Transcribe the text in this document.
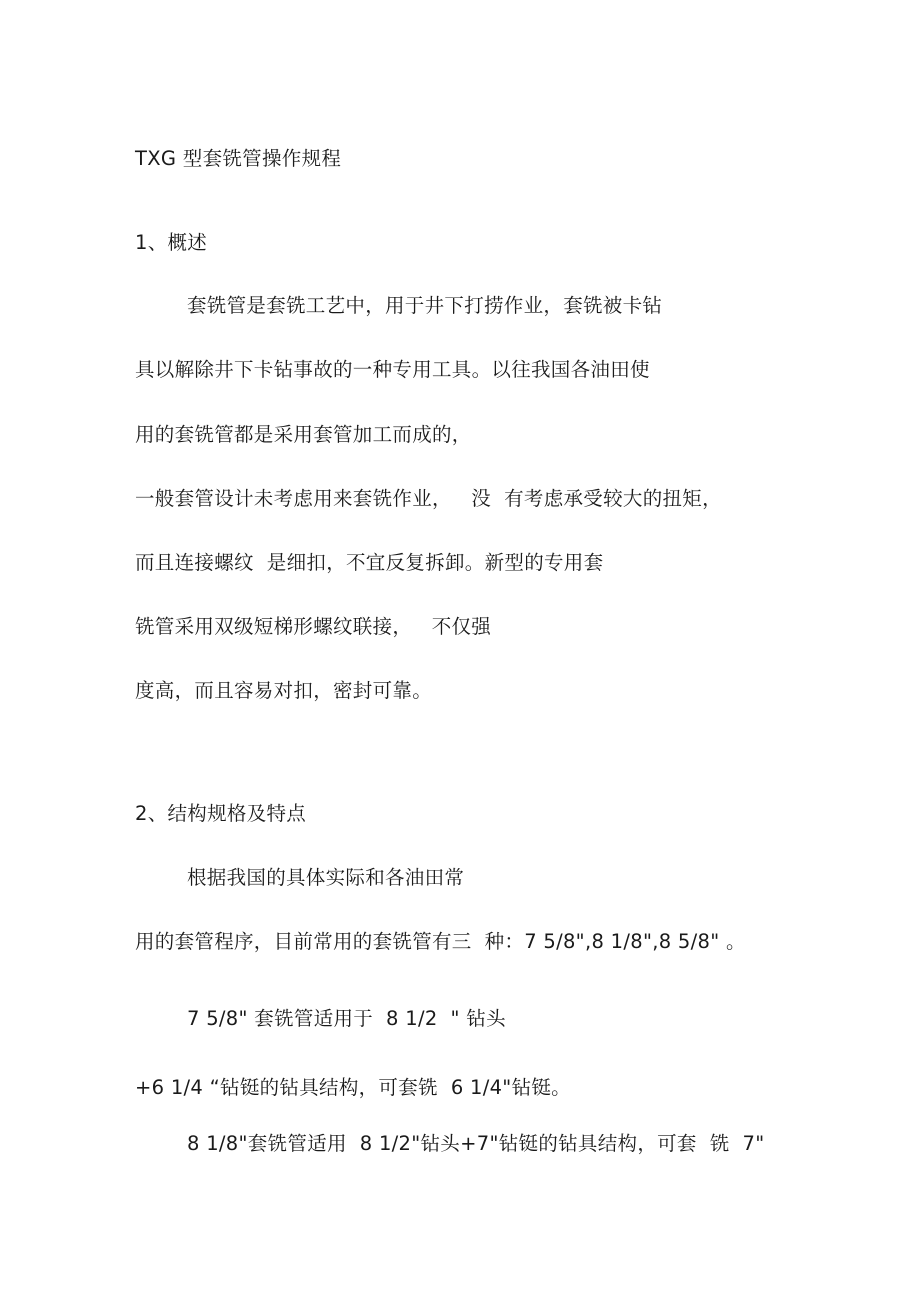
TXG 型套铣管操作规程
1、概述
套铣管是套铣工艺中，用于井下打捞作业，套铣被卡钻
具以解除井下卡钻事故的一种专用工具。以往我国各油田使
用的套铣管都是采用套管加工而成的，
一般套管设计未考虑用来套铣作业，   没  有考虑承受较大的扭矩，
而且连接螺纹  是细扣，不宜反复拆卸。新型的专用套
铣管采用双级短梯形螺纹联接，   不仅强
度高，而且容易对扣，密封可靠。
2、结构规格及特点
根据我国的具体实际和各油田常
用的套管程序，目前常用的套铣管有三  种：7 5/8",8 1/8",8 5/8" 。
7 5/8" 套铣管适用于  8 1/2  " 钻头
+6 1/4 “钻铤的钻具结构，可套铣  6 1/4"钻铤。
8 1/8"套铣管适用  8 1/2"钻头+7"钻铤的钻具结构，可套  铣  7"
